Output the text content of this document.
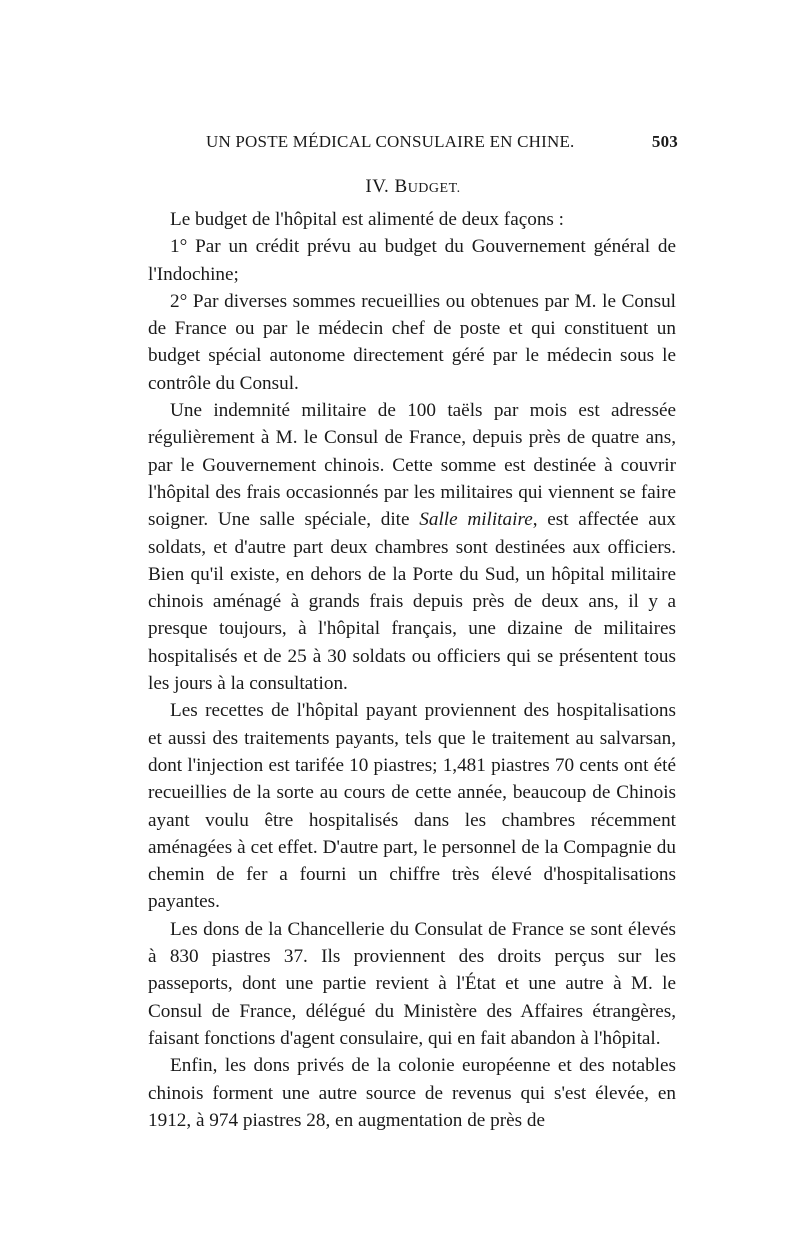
UN POSTE MÉDICAL CONSULAIRE EN CHINE.	503
IV. BUDGET.

Le budget de l'hôpital est alimenté de deux façons :

1° Par un crédit prévu au budget du Gouvernement général de l'Indochine;

2° Par diverses sommes recueillies ou obtenues par M. le Consul de France ou par le médecin chef de poste et qui constituent un budget spécial autonome directement géré par le médecin sous le contrôle du Consul.

Une indemnité militaire de 100 taëls par mois est adressée régulièrement à M. le Consul de France, depuis près de quatre ans, par le Gouvernement chinois. Cette somme est destinée à couvrir l'hôpital des frais occasionnés par les militaires qui viennent se faire soigner. Une salle spéciale, dite Salle militaire, est affectée aux soldats, et d'autre part deux chambres sont destinées aux officiers. Bien qu'il existe, en dehors de la Porte du Sud, un hôpital militaire chinois aménagé à grands frais depuis près de deux ans, il y a presque toujours, à l'hôpital français, une dizaine de militaires hospitalisés et de 25 à 30 soldats ou officiers qui se présentent tous les jours à la consultation.

Les recettes de l'hôpital payant proviennent des hospitalisations et aussi des traitements payants, tels que le traitement au salvarsan, dont l'injection est tarifée 10 piastres; 1,481 piastres 70 cents ont été recueillies de la sorte au cours de cette année, beaucoup de Chinois ayant voulu être hospitalisés dans les chambres récemment aménagées à cet effet. D'autre part, le personnel de la Compagnie du chemin de fer a fourni un chiffre très élevé d'hospitalisations payantes.

Les dons de la Chancellerie du Consulat de France se sont élevés à 830 piastres 37. Ils proviennent des droits perçus sur les passeports, dont une partie revient à l'État et une autre à M. le Consul de France, délégué du Ministère des Affaires étrangères, faisant fonctions d'agent consulaire, qui en fait abandon à l'hôpital.

Enfin, les dons privés de la colonie européenne et des notables chinois forment une autre source de revenus qui s'est élevée, en 1912, à 974 piastres 28, en augmentation de près de
